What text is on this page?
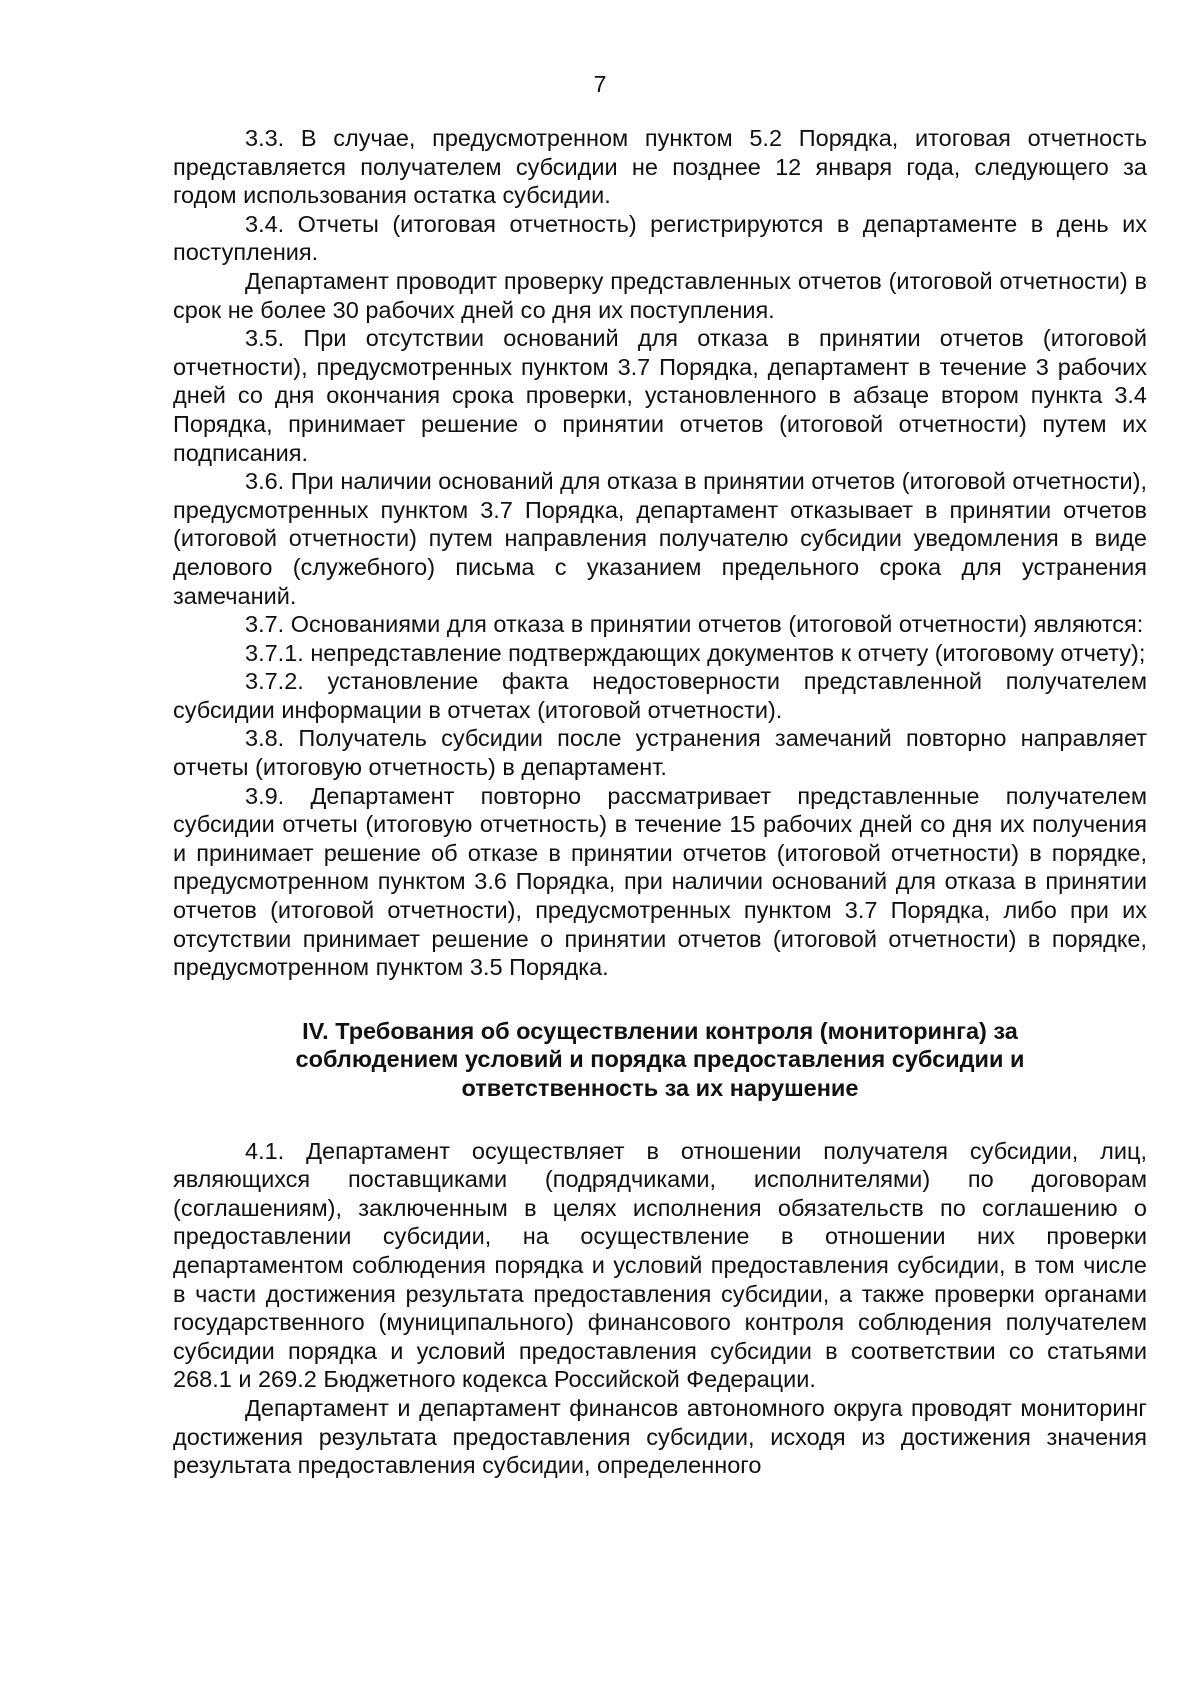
7

3.3. В случае, предусмотренном пунктом 5.2 Порядка, итоговая отчетность представляется получателем субсидии не позднее 12 января года, следующего за годом использования остатка субсидии.

3.4. Отчеты (итоговая отчетность) регистрируются в департаменте в день их поступления.

Департамент проводит проверку представленных отчетов (итоговой отчетности) в срок не более 30 рабочих дней со дня их поступления.

3.5. При отсутствии оснований для отказа в принятии отчетов (итоговой отчетности), предусмотренных пунктом 3.7 Порядка, департамент в течение 3 рабочих дней со дня окончания срока проверки, установленного в абзаце втором пункта 3.4 Порядка, принимает решение о принятии отчетов (итоговой отчетности) путем их подписания.

3.6. При наличии оснований для отказа в принятии отчетов (итоговой отчетности), предусмотренных пунктом 3.7 Порядка, департамент отказывает в принятии отчетов (итоговой отчетности) путем направления получателю субсидии уведомления в виде делового (служебного) письма с указанием предельного срока для устранения замечаний.

3.7. Основаниями для отказа в принятии отчетов (итоговой отчетности) являются:

3.7.1. непредставление подтверждающих документов к отчету (итоговому отчету);

3.7.2. установление факта недостоверности представленной получателем субсидии информации в отчетах (итоговой отчетности).

3.8. Получатель субсидии после устранения замечаний повторно направляет отчеты (итоговую отчетность) в департамент.

3.9. Департамент повторно рассматривает представленные получателем субсидии отчеты (итоговую отчетность) в течение 15 рабочих дней со дня их получения и принимает решение об отказе в принятии отчетов (итоговой отчетности) в порядке, предусмотренном пунктом 3.6 Порядка, при наличии оснований для отказа в принятии отчетов (итоговой отчетности), предусмотренных пунктом 3.7 Порядка, либо при их отсутствии принимает решение о принятии отчетов (итоговой отчетности) в порядке, предусмотренном пунктом 3.5 Порядка.

IV. Требования об осуществлении контроля (мониторинга) за
соблюдением условий и порядка предоставления субсидии и
ответственность за их нарушение

4.1. Департамент осуществляет в отношении получателя субсидии, лиц, являющихся поставщиками (подрядчиками, исполнителями) по договорам (соглашениям), заключенным в целях исполнения обязательств по соглашению о предоставлении субсидии, на осуществление в отношении них проверки департаментом соблюдения порядка и условий предоставления субсидии, в том числе в части достижения результата предоставления субсидии, а также проверки органами государственного (муниципального) финансового контроля соблюдения получателем субсидии порядка и условий предоставления субсидии в соответствии со статьями 268.1 и 269.2 Бюджетного кодекса Российской Федерации.

Департамент и департамент финансов автономного округа проводят мониторинг достижения результата предоставления субсидии, исходя из достижения значения результата предоставления субсидии, определенного
